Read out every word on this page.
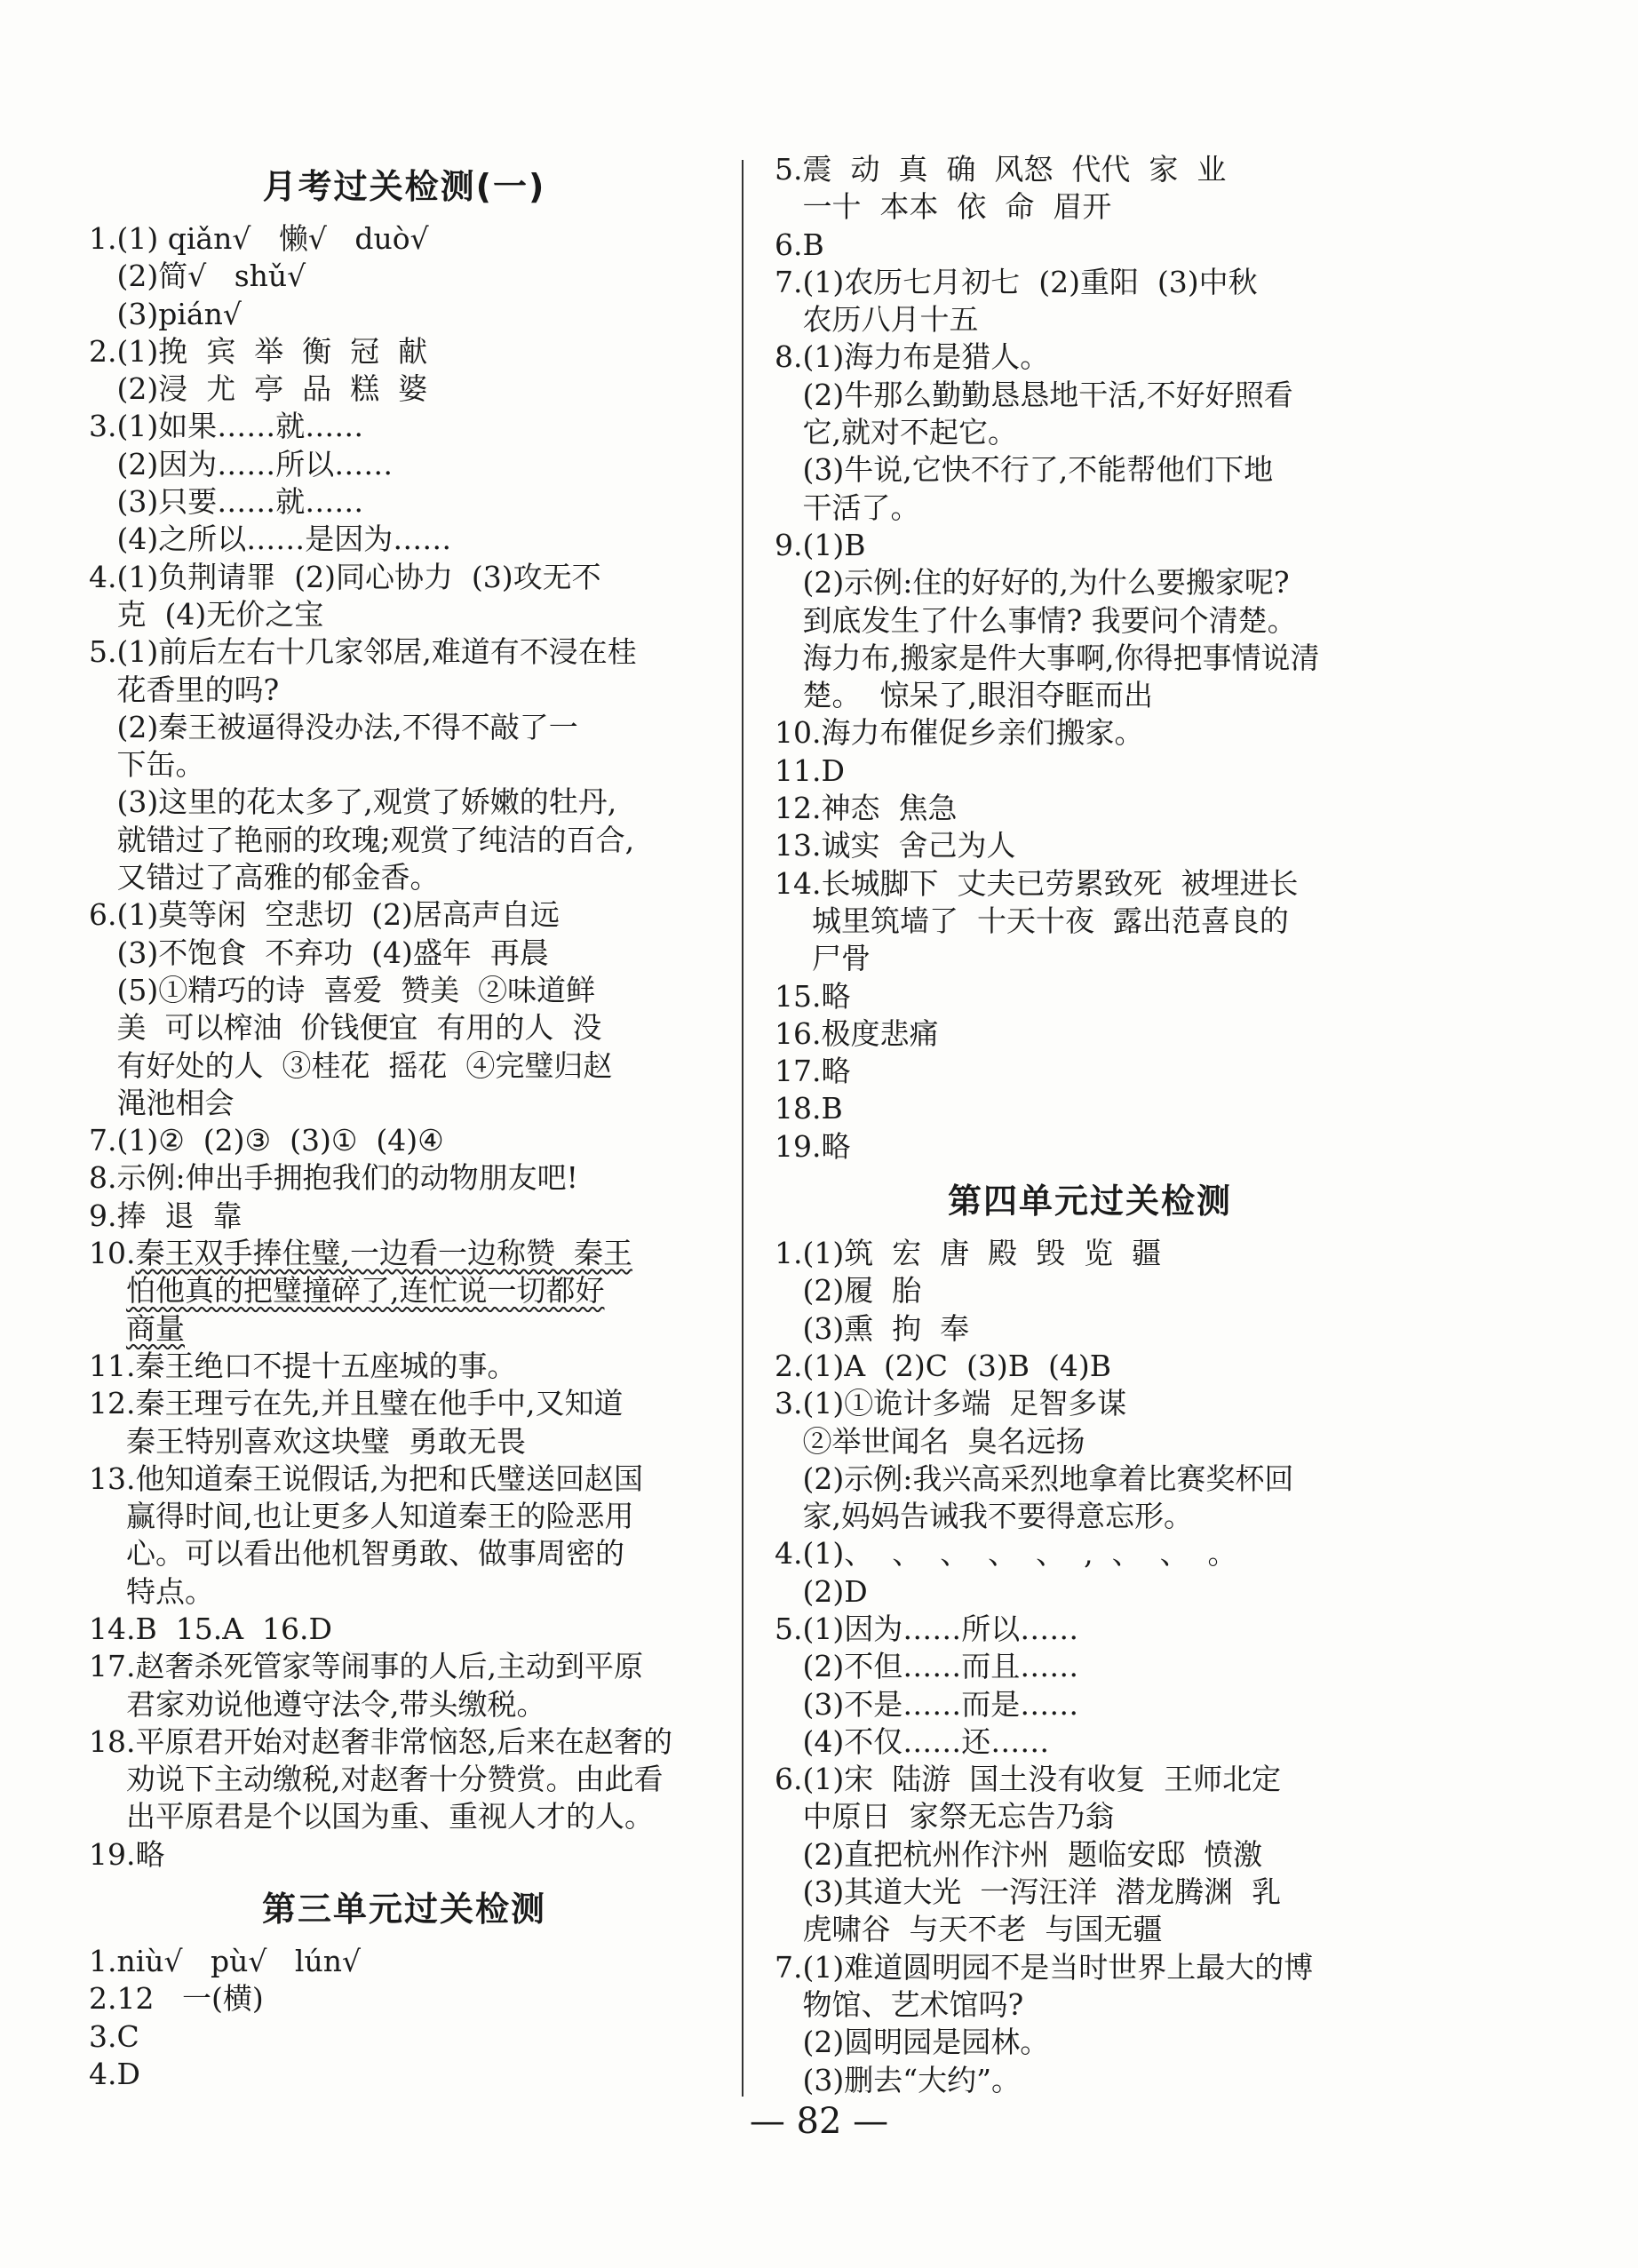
月考过关检测(一)
1.(1) qiǎn√   懒√   duò√
(2)简√   shǔ√
(3)pián√
2.(1)挽  宾  举  衡  冠  献
(2)浸  尤  亭  品  糕  婆
3.(1)如果……就……
(2)因为……所以……
(3)只要……就……
(4)之所以……是因为……
4.(1)负荆请罪  (2)同心协力  (3)攻无不
克  (4)无价之宝
5.(1)前后左右十几家邻居,难道有不浸在桂
花香里的吗?
(2)秦王被逼得没办法,不得不敲了一
下缶。
(3)这里的花太多了,观赏了娇嫩的牡丹,
就错过了艳丽的玫瑰;观赏了纯洁的百合,
又错过了高雅的郁金香。
6.(1)莫等闲  空悲切  (2)居高声自远
(3)不饱食  不弃功  (4)盛年  再晨
(5)①精巧的诗  喜爱  赞美  ②味道鲜
美  可以榨油  价钱便宜  有用的人  没
有好处的人  ③桂花  摇花  ④完璧归赵
渑池相会
7.(1)②  (2)③  (3)①  (4)④
8.示例:伸出手拥抱我们的动物朋友吧!
9.捧  退  靠
10.秦王双手捧住璧,一边看一边称赞  秦王
怕他真的把璧撞碎了,连忙说一切都好
商量
11.秦王绝口不提十五座城的事。
12.秦王理亏在先,并且璧在他手中,又知道
秦王特别喜欢这块璧  勇敢无畏
13.他知道秦王说假话,为把和氏璧送回赵国
赢得时间,也让更多人知道秦王的险恶用
心。可以看出他机智勇敢、做事周密的
特点。
14.B  15.A  16.D
17.赵奢杀死管家等闹事的人后,主动到平原
君家劝说他遵守法令,带头缴税。
18.平原君开始对赵奢非常恼怒,后来在赵奢的
劝说下主动缴税,对赵奢十分赞赏。由此看
出平原君是个以国为重、重视人才的人。
19.略
第三单元过关检测
1.niù√   pù√   lún√
2.12   一(横)
3.C
4.D
5.震  动  真  确  风怒  代代  家  业
一十  本本  依  命  眉开
6.B
7.(1)农历七月初七  (2)重阳  (3)中秋
农历八月十五
8.(1)海力布是猎人。
(2)牛那么勤勤恳恳地干活,不好好照看
它,就对不起它。
(3)牛说,它快不行了,不能帮他们下地
干活了。
9.(1)B
(2)示例:住的好好的,为什么要搬家呢?
到底发生了什么事情? 我要问个清楚。
海力布,搬家是件大事啊,你得把事情说清
楚。  惊呆了,眼泪夺眶而出
10.海力布催促乡亲们搬家。
11.D
12.神态  焦急
13.诚实  舍己为人
14.长城脚下  丈夫已劳累致死  被埋进长
城里筑墙了  十天十夜  露出范喜良的
尸骨
15.略
16.极度悲痛
17.略
18.B
19.略
第四单元过关检测
1.(1)筑  宏  唐  殿  毁  览  疆
(2)履  胎
(3)熏  拘  奉
2.(1)A  (2)C  (3)B  (4)B
3.(1)①诡计多端  足智多谋
②举世闻名  臭名远扬
(2)示例:我兴高采烈地拿着比赛奖杯回
家,妈妈告诫我不要得意忘形。
4.(1)、  、  、  、  、  ,  、  、  。
(2)D
5.(1)因为……所以……
(2)不但……而且……
(3)不是……而是……
(4)不仅……还……
6.(1)宋  陆游  国土没有收复  王师北定
中原日  家祭无忘告乃翁
(2)直把杭州作汴州  题临安邸  愤激
(3)其道大光  一泻汪洋  潜龙腾渊  乳
虎啸谷  与天不老  与国无疆
7.(1)难道圆明园不是当时世界上最大的博
物馆、艺术馆吗?
(2)圆明园是园林。
(3)删去“大约”。
— 82 —
